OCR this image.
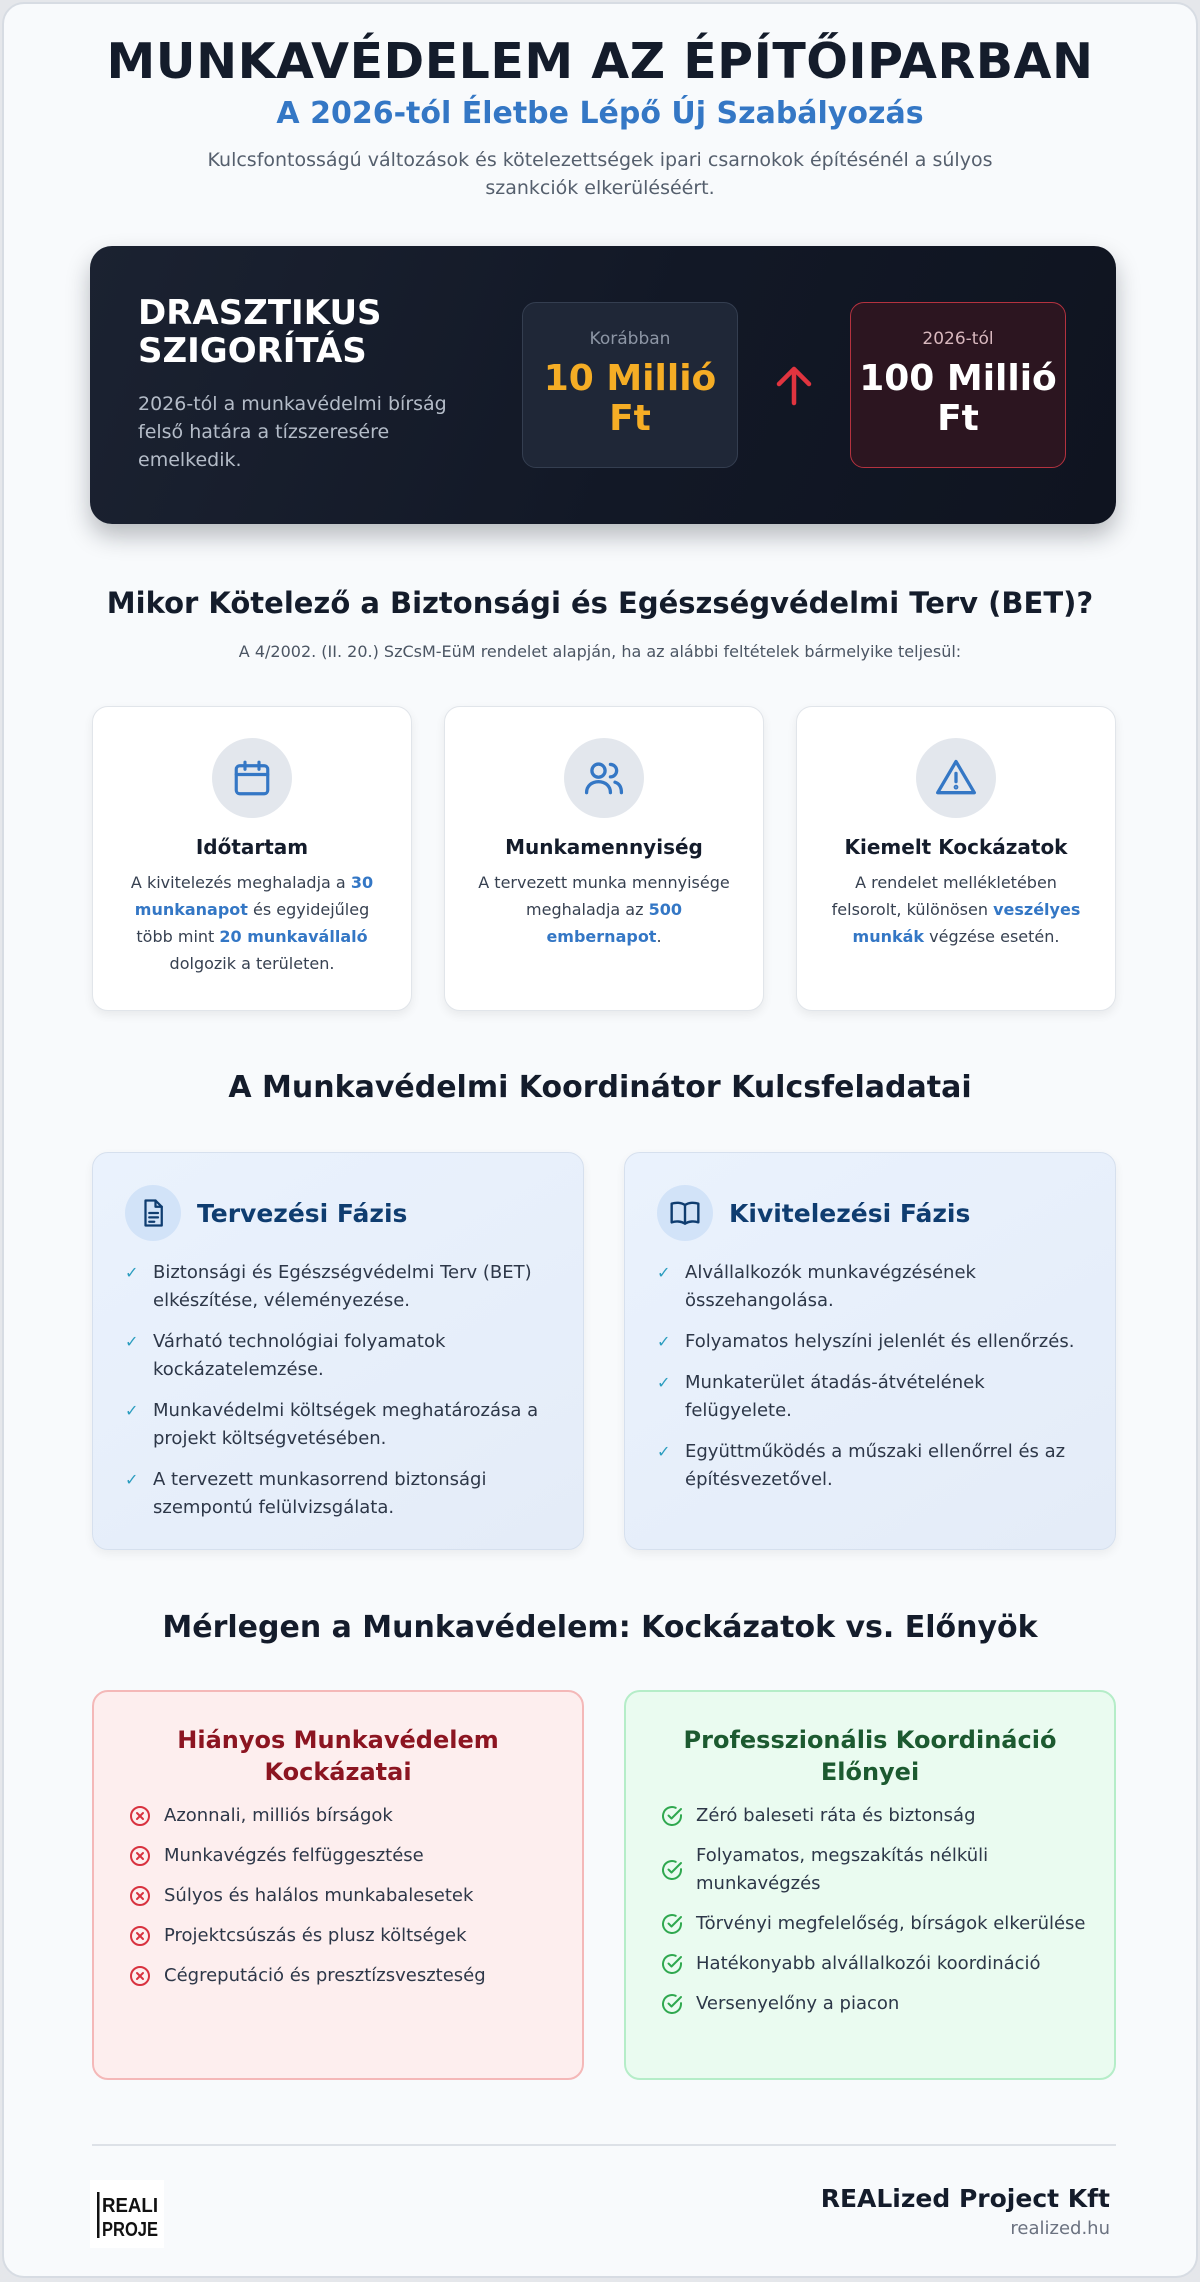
MUNKAVÉDELEM AZ ÉPÍTŐIPARBAN
A 2026-tól Életbe Lépő Új Szabályozás
Kulcsfontosságú változások és kötelezettségek ipari csarnokok építésénél a súlyos szankciók elkerüléséért.
DRASZTIKUS SZIGORÍTÁS
2026-tól a munkavédelmi bírság felső határa a tízszeresére emelkedik.
Korábban
10 Millió Ft
2026-tól
100 Millió Ft
Mikor Kötelező a Biztonsági és Egészségvédelmi Terv (BET)?
A 4/2002. (II. 20.) SzCsM-EüM rendelet alapján, ha az alábbi feltételek bármelyike teljesül:
Időtartam
A kivitelezés meghaladja a 30 munkanapot és egyidejűleg több mint 20 munkavállaló dolgozik a területen.
Munkamennyiség
A tervezett munka mennyisége meghaladja az 500 embernapot.
Kiemelt Kockázatok
A rendelet mellékletében felsorolt, különösen veszélyes munkák végzése esetén.
A Munkavédelmi Koordinátor Kulcsfeladatai
Tervezési Fázis
✓ Biztonsági és Egészségvédelmi Terv (BET) elkészítése, véleményezése.
✓ Várható technológiai folyamatok kockázatelemzése.
✓ Munkavédelmi költségek meghatározása a projekt költségvetésében.
✓ A tervezett munkasorrend biztonsági szempontú felülvizsgálata.
Kivitelezési Fázis
✓ Alvállalkozók munkavégzésének összehangolása.
✓ Folyamatos helyszíni jelenlét és ellenőrzés.
✓ Munkaterület átadás-átvételének felügyelete.
✓ Együttműködés a műszaki ellenőrrel és az építésvezetővel.
Mérlegen a Munkavédelem: Kockázatok vs. Előnyök
Hiányos Munkavédelem Kockázatai
Azonnali, milliós bírságok
Munkavégzés felfüggesztése
Súlyos és halálos munkabalesetek
Projektcsúszás és plusz költségek
Cégreputáció és presztízsveszteség
Professzionális Koordináció Előnyei
Zéró baleseti ráta és biztonság
Folyamatos, megszakítás nélküli munkavégzés
Törvényi megfelelőség, bírságok elkerülése
Hatékonyabb alvállalkozói koordináció
Versenyelőny a piacon
REALI
PROJE
REALized Project Kft
realized.hu
